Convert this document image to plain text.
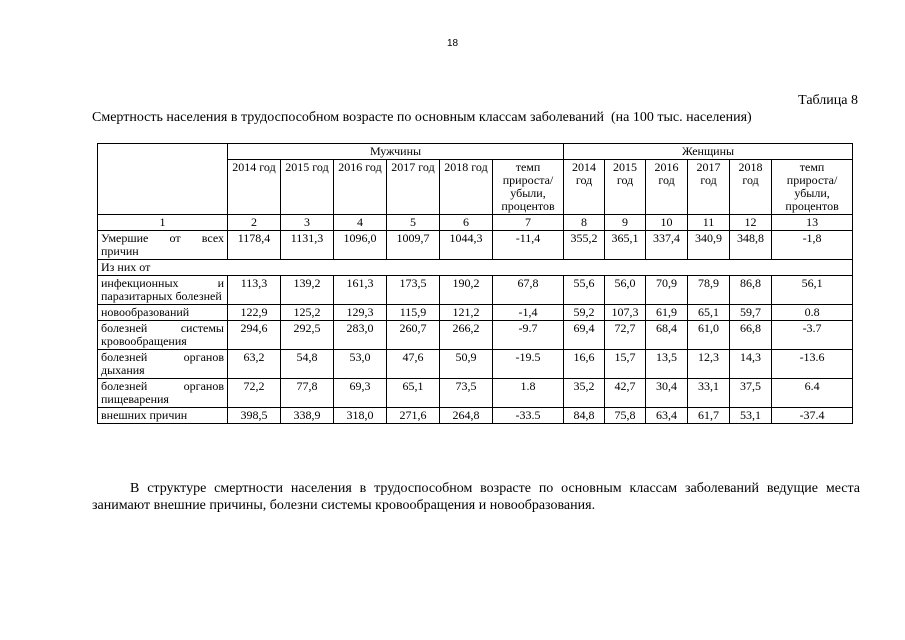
18
Таблица 8
Смертность населения в трудоспособном возрасте по основным классам заболеваний  (на 100 тыс. населения)
	Мужчины						Женщины					
	2014 год	2015 год	2016 год	2017 год	2018 год	темп прироста/ убыли, процентов	2014 год	2015 год	2016 год	2017 год	2018 год	темп прироста/ убыли, процентов
1	2	3	4	5	6	7	8	9	10	11	12	13
Умершие от всех причин	1178,4	1131,3	1096,0	1009,7	1044,3	-11,4	355,2	365,1	337,4	340,9	348,8	-1,8
Из них от												
инфекционных и паразитарных болезней	113,3	139,2	161,3	173,5	190,2	67,8	55,6	56,0	70,9	78,9	86,8	56,1
новообразований	122,9	125,2	129,3	115,9	121,2	-1,4	59,2	107,3	61,9	65,1	59,7	0.8
болезней системы кровообращения	294,6	292,5	283,0	260,7	266,2	-9.7	69,4	72,7	68,4	61,0	66,8	-3.7
болезней органов дыхания	63,2	54,8	53,0	47,6	50,9	-19.5	16,6	15,7	13,5	12,3	14,3	-13.6
болезней органов пищеварения	72,2	77,8	69,3	65,1	73,5	1.8	35,2	42,7	30,4	33,1	37,5	6.4
внешних причин	398,5	338,9	318,0	271,6	264,8	-33.5	84,8	75,8	63,4	61,7	53,1	-37.4
В структуре смертности населения в трудоспособном возрасте по основным классам заболеваний ведущие места занимают внешние причины, болезни системы кровообращения и новообразования.
